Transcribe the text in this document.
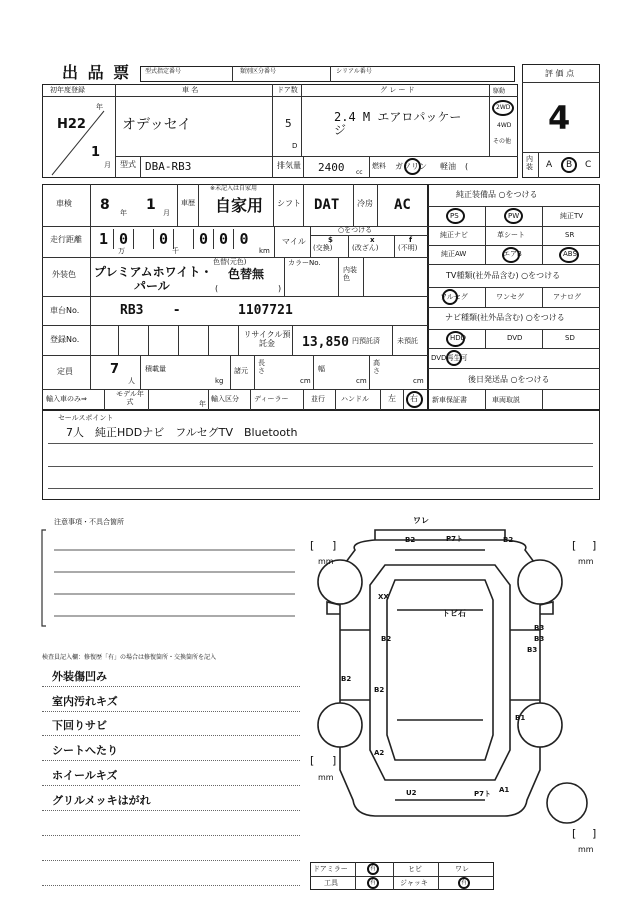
出 品 票 型式指定番号	類別区分番号	シリアル番号	評 価 点
4
内装 A B C
初年度登録	車 名	ドア数	グ レ ー ド	駆動
年
H22
1
月
オデッセイ
型式 DBA-RB3
5
D
2.4 M エアロパッケー
ジ
2WD
4WD
その他
排気量 2400 cc
燃料 ガソリン 軽油 (
車検 8 年 1 月
車歴
※未記入は自家用
自家用 シフト DAT 冷房 AC
走行距離	1 0	0	0 0 0
万	千	km
マイル
○をつける
$
(交換)
x
(改ざん)
f
(不明)
外装色 プレミアムホワイト・
パール
色替(元色)
色替無
(	)
カラーNo.
内装色
車台No.	RB3 -	1107721
登録No.
リサイクル預託金	13,850 円預託済 未預託
定員	7
人
積載量
kg
諸元
長さ
cm
幅
cm
高さ
cm
輸入車のみ⇒
モデル年式	年
輸入区分 ディーラー	並行 ハンドル 左 右
純正装備品 ○をつける
PS	PW	純正TV
純正ナビ	革シート	SR
純正AW	エアB	ABS
TV種類(社外品含む) ○をつける
フルセグ	ワンセグ	アナログ
ナビ種類(社外品含む) ○をつける
HDD	DVD	SD
DVD再生可
後日発送品 ○をつける
新車保証書	車両取説
セールスポイント
7人　純正HDDナビ　フルセグTV　Bluetooth
注意事項・不具合箇所
検査員記入欄：修復歴「有」の場合は修復箇所・交換箇所を記入
外装傷凹み
室内汚れキズ
下回りサビ
シートへたり
ホイールキズ
グリルメッキはがれ
ワレ
B2	P7ト	B2
XX
トビ石
B2
B3
B3
B3
B2
B2
B1
A2
U2	P7ト A1
[ ]
mm
[ ]
mm
[ ]
mm
[ ]
mm
ドアミラー	有	ヒビ	ワレ
工具	有	ジャッキ	有
